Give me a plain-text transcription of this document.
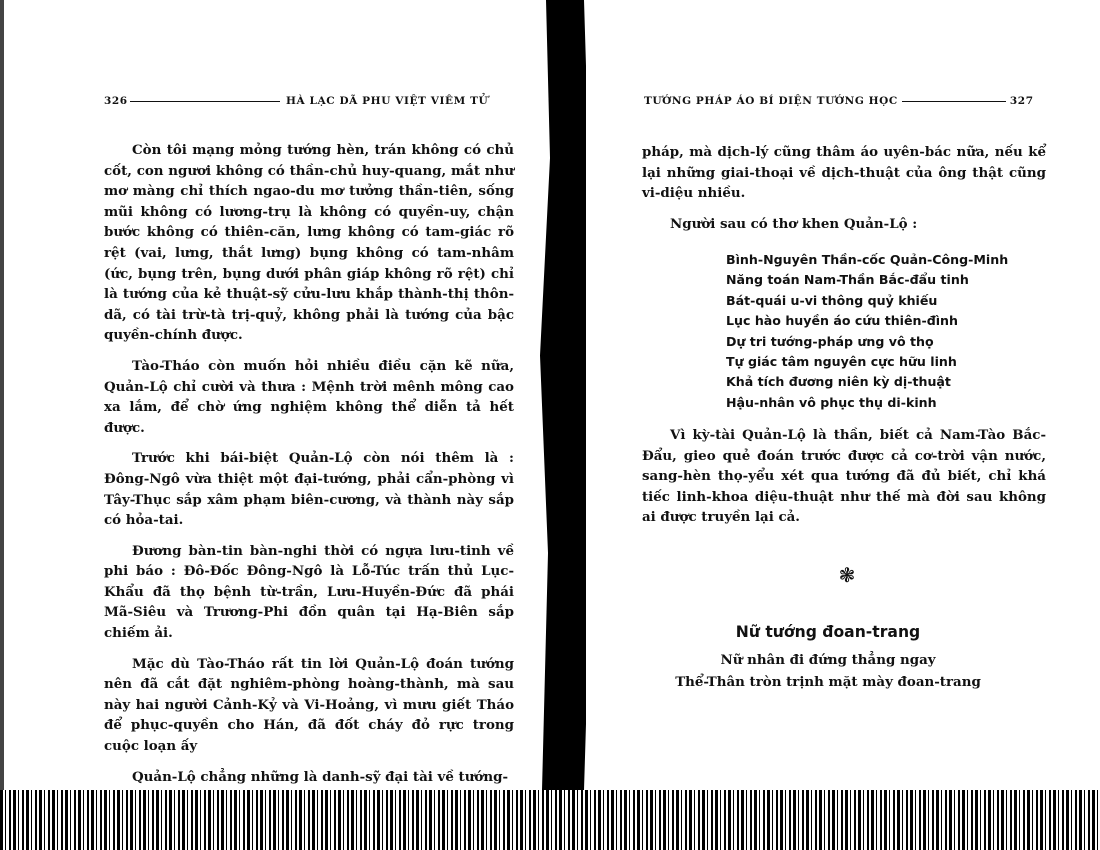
326	HÀ LẠC DÃ PHU VIỆT VIÊM TỬ

Còn tôi mạng mỏng tướng hèn, trán không có chủ cốt, con ngươi không có thần-chủ huy-quang, mắt như mơ màng chỉ thích ngao-du mơ tưởng thần-tiên, sống mũi không có lương-trụ là không có quyền-uy, chận bước không có thiên-căn, lưng không có tam-giác rõ rệt (vai, lưng, thắt lưng) bụng không có tam-nhâm (ức, bụng trên, bụng dưới phân giáp không rõ rệt) chỉ là tướng của kẻ thuật-sỹ cửu-lưu khắp thành-thị thôn-dã, có tài trừ-tà trị-quỷ, không phải là tướng của bậc quyền-chính được.

Tào-Tháo còn muốn hỏi nhiều điều cặn kẽ nữa, Quản-Lộ chỉ cười và thưa : Mệnh trời mênh mông cao xa lắm, để chờ ứng nghiệm không thể diễn tả hết được.

Trước khi bái-biệt Quản-Lộ còn nói thêm là : Đông-Ngô vừa thiệt một đại-tướng, phải cẩn-phòng vì Tây-Thục sắp xâm phạm biên-cương, và thành này sắp có hỏa-tai.

Đương bàn-tin bàn-nghi thời có ngựa lưu-tinh về phi báo : Đô-Đốc Đông-Ngô là Lỗ-Túc trấn thủ Lục-Khẩu đã thọ bệnh từ-trần, Lưu-Huyền-Đức đã phái Mã-Siêu và Trương-Phi đồn quân tại Hạ-Biên sắp chiếm ải.

Mặc dù Tào-Tháo rất tin lời Quản-Lộ đoán tướng nên đã cắt đặt nghiêm-phòng hoàng-thành, mà sau này hai người Cảnh-Kỷ và Vi-Hoảng, vì mưu giết Tháo để phục-quyền cho Hán, đã đốt cháy đỏ rực trong cuộc loạn ấy

Quản-Lộ chẳng những là danh-sỹ đại tài về tướng-

TƯỚNG PHÁP ÁO BÍ DIỆN TƯỚNG HỌC	327

pháp, mà dịch-lý cũng thâm áo uyên-bác nữa, nếu kể lại những giai-thoại về dịch-thuật của ông thật cũng vi-diệu nhiều.

Người sau có thơ khen Quản-Lộ :
Bình-Nguyên Thần-cốc Quản-Công-Minh
Năng toán Nam-Thần Bắc-đẩu tinh
Bát-quái u-vi thông quỷ khiếu
Lục hào huyền áo cứu thiên-đình
Dự tri tướng-pháp ưng vô thọ
Tự giác tâm nguyên cực hữu linh
Khả tích đương niên kỳ dị-thuật
Hậu-nhân vô phục thụ di-kinh

Vì kỳ-tài Quản-Lộ là thần, biết cả Nam-Tào Bắc-Đẩu, gieo quẻ đoán trước được cả cơ-trời vận nước, sang-hèn thọ-yểu xét qua tướng đã đủ biết, chỉ khá tiếc linh-khoa diệu-thuật như thế mà đời sau không ai được truyền lại cả.

❃
Nữ tướng đoan-trang
Nữ nhân đi đứng thẳng ngay
Thể-Thân tròn trịnh mặt mày đoan-trang
